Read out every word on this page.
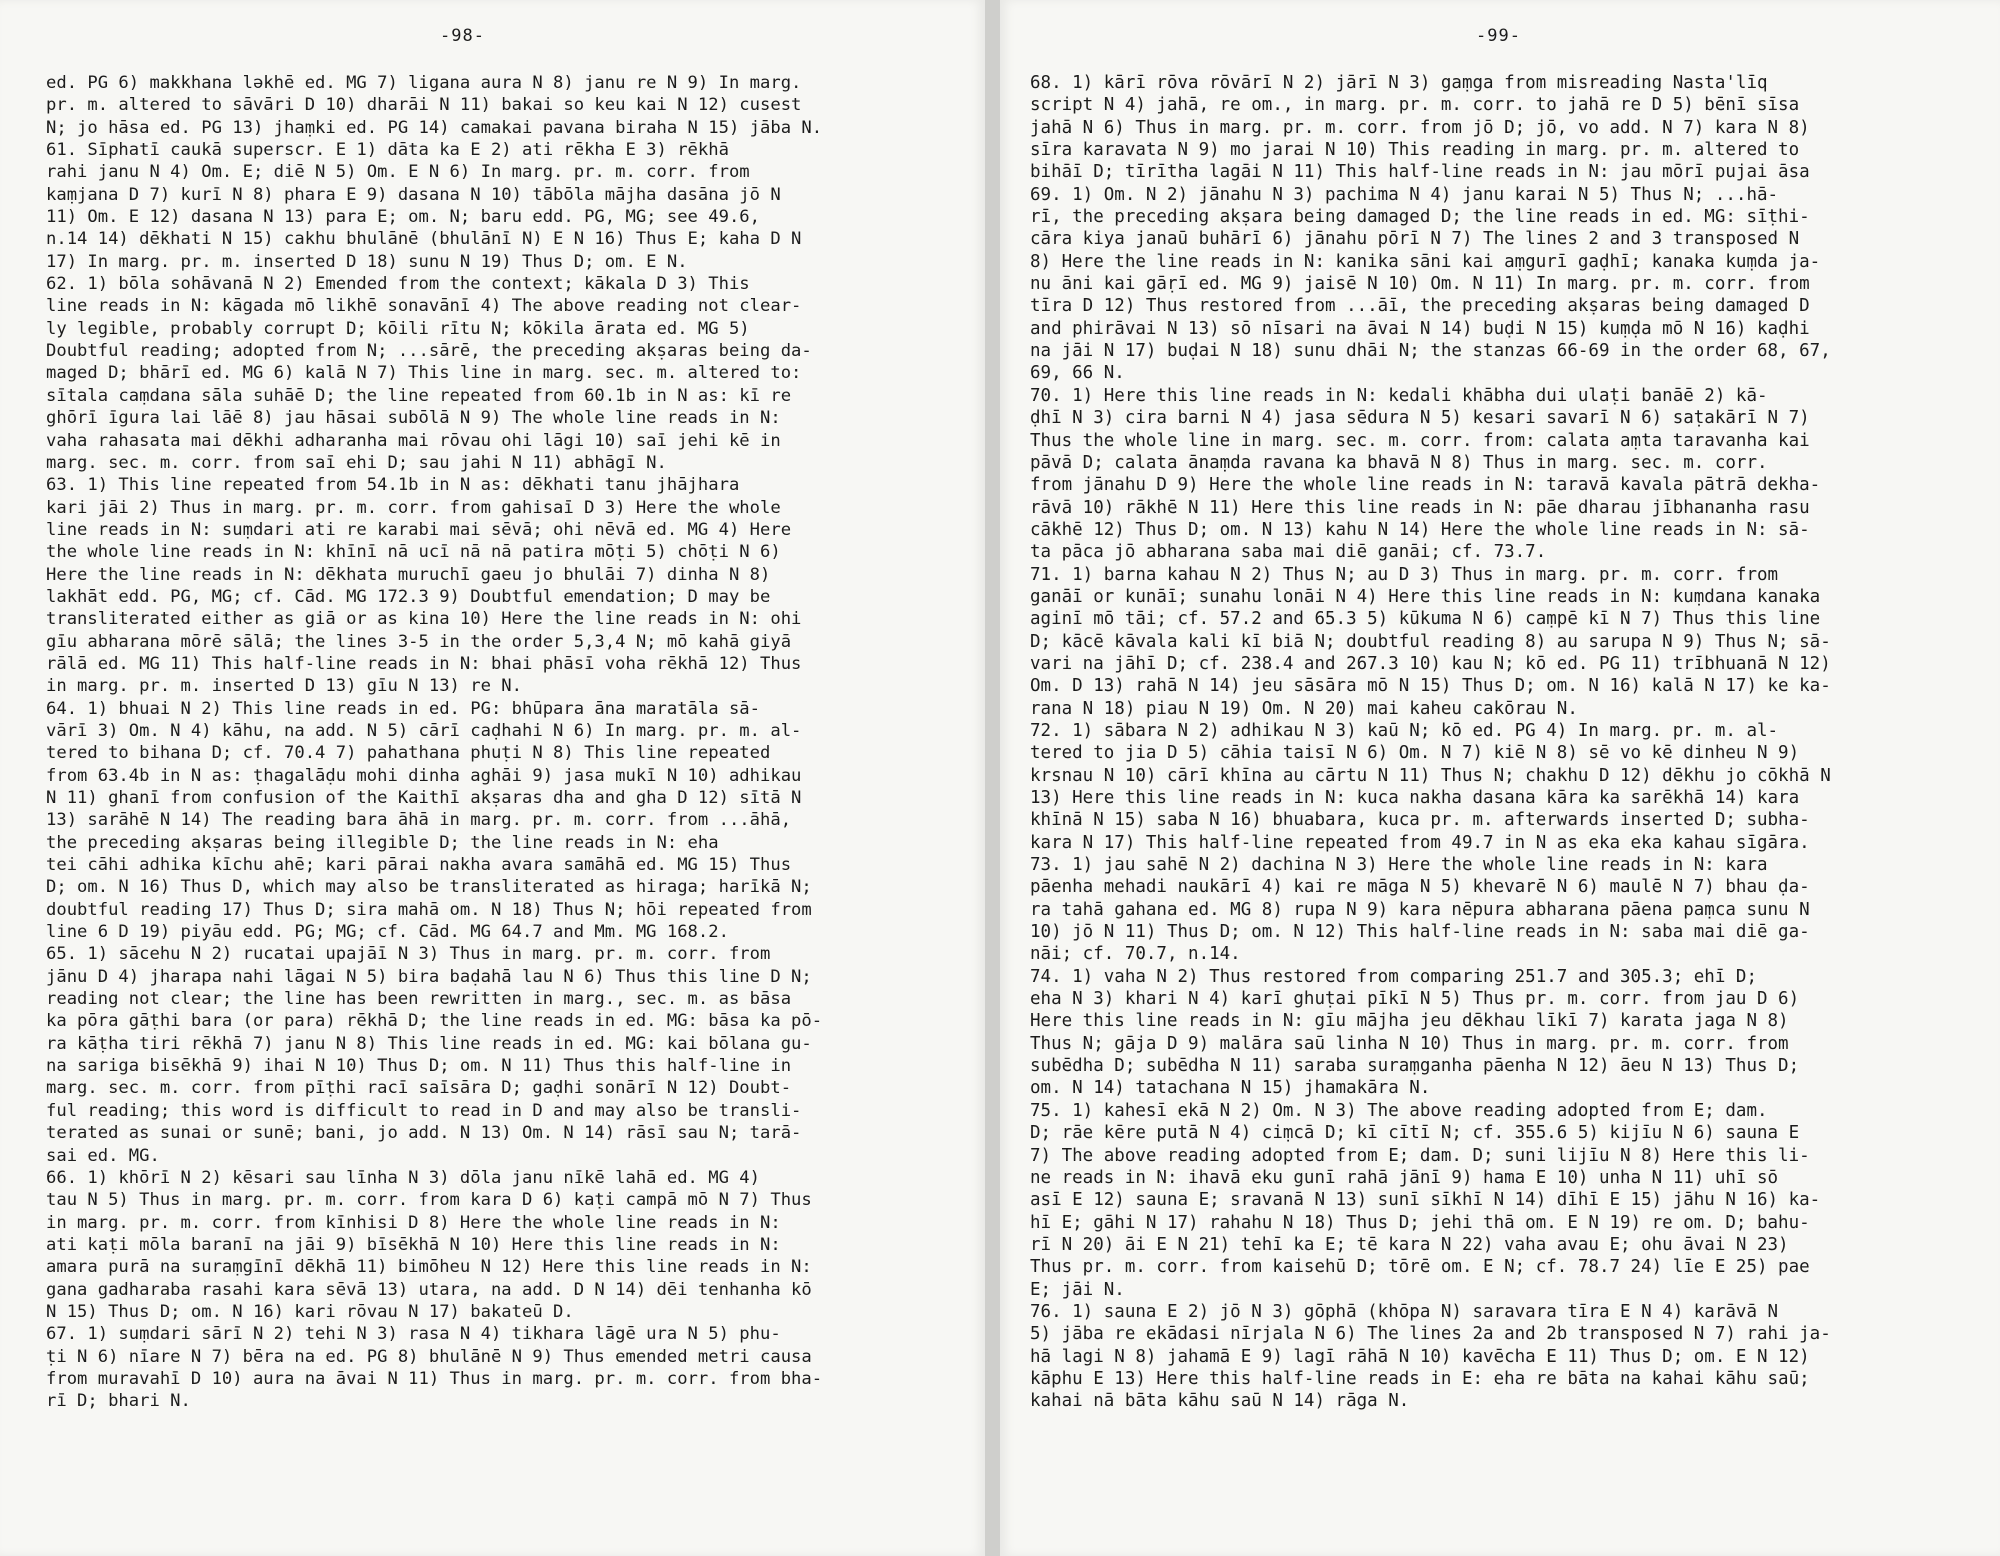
-98-
ed. PG 6) makkhana lǝkhē ed. MG 7) ligana aura N 8) janu re N 9) In marg.
pr. m. altered to sāvāri D 10) dharāi N 11) bakai so keu kai N 12) cusest
N; jo hāsa ed. PG 13) jhaṃki ed. PG 14) camakai pavana biraha N 15) jāba N.
61. Sīphatī caukā superscr. E 1) dāta ka E 2) ati rēkha E 3) rēkhā
rahi janu N 4) Om. E; diē N 5) Om. E N 6) In marg. pr. m. corr. from
kaṃjana D 7) kurī N 8) phara E 9) dasana N 10) tābōla mājha dasāna jō N
11) Om. E 12) dasana N 13) para E; om. N; baru edd. PG, MG; see 49.6,
n.14 14) dēkhati N 15) cakhu bhulānē (bhulānī N) E N 16) Thus E; kaha D N
17) In marg. pr. m. inserted D 18) sunu N 19) Thus D; om. E N.
62. 1) bōla sohāvanā N 2) Emended from the context; kākala D 3) This
line reads in N: kāgada mō likhē sonavānī 4) The above reading not clear-
ly legible, probably corrupt D; kōili rītu N; kōkila ārata ed. MG 5)
Doubtful reading; adopted from N; ...sārē, the preceding akṣaras being da-
maged D; bhārī ed. MG 6) kalā N 7) This line in marg. sec. m. altered to:
sītala caṃdana sāla suhāē D; the line repeated from 60.1b in N as: kī re
ghōrī īgura lai lāē 8) jau hāsai subōlā N 9) The whole line reads in N:
vaha rahasata mai dēkhi adharanha mai rōvau ohi lāgi 10) saī jehi kē in
marg. sec. m. corr. from saī ehi D; sau jahi N 11) abhāgī N.
63. 1) This line repeated from 54.1b in N as: dēkhati tanu jhājhara
kari jāi 2) Thus in marg. pr. m. corr. from gahisaī D 3) Here the whole
line reads in N: suṃdari ati re karabi mai sēvā; ohi nēvā ed. MG 4) Here
the whole line reads in N: khīnī nā ucī nā nā patira mōṭi 5) chōṭi N 6)
Here the line reads in N: dēkhata muruchī gaeu jo bhulāi 7) dinha N 8)
lakhāt edd. PG, MG; cf. Cād. MG 172.3 9) Doubtful emendation; D may be
transliterated either as giā or as kina 10) Here the line reads in N: ohi
gīu abharana mōrē sālā; the lines 3-5 in the order 5,3,4 N; mō kahā giyā
rālā ed. MG 11) This half-line reads in N: bhai phāsī voha rēkhā 12) Thus
in marg. pr. m. inserted D 13) gīu N 13) re N.
64. 1) bhuai N 2) This line reads in ed. PG: bhūpara āna maratāla sā-
vārī 3) Om. N 4) kāhu, na add. N 5) cārī caḍhahi N 6) In marg. pr. m. al-
tered to bihana D; cf. 70.4 7) pahathana phuṭi N 8) This line repeated
from 63.4b in N as: ṭhagalāḍu mohi dinha aghāi 9) jasa mukī N 10) adhikau
N 11) ghanī from confusion of the Kaithī akṣaras dha and gha D 12) sītā N
13) sarāhē N 14) The reading bara āhā in marg. pr. m. corr. from ...āhā,
the preceding akṣaras being illegible D; the line reads in N: eha
tei cāhi adhika kīchu ahē; kari pārai nakha avara samāhā ed. MG 15) Thus
D; om. N 16) Thus D, which may also be transliterated as hiraga; harīkā N;
doubtful reading 17) Thus D; sira mahā om. N 18) Thus N; hōi repeated from
line 6 D 19) piyāu edd. PG; MG; cf. Cād. MG 64.7 and Mm. MG 168.2.
65. 1) sācehu N 2) rucatai upajāī N 3) Thus in marg. pr. m. corr. from
jānu D 4) jharapa nahi lāgai N 5) bira baḍahā lau N 6) Thus this line D N;
reading not clear; the line has been rewritten in marg., sec. m. as bāsa
ka pōra gāṭhi bara (or para) rēkhā D; the line reads in ed. MG: bāsa ka pō-
ra kāṭha tiri rēkhā 7) janu N 8) This line reads in ed. MG: kai bōlana gu-
na sariga bisēkhā 9) ihai N 10) Thus D; om. N 11) Thus this half-line in
marg. sec. m. corr. from pīṭhi racī saīsāra D; gaḍhi sonārī N 12) Doubt-
ful reading; this word is difficult to read in D and may also be transli-
terated as sunai or sunē; bani, jo add. N 13) Om. N 14) rāsī sau N; tarā-
sai ed. MG.
66. 1) khōrī N 2) kēsari sau līnha N 3) dōla janu nīkē lahā ed. MG 4)
tau N 5) Thus in marg. pr. m. corr. from kara D 6) kaṭi campā mō N 7) Thus
in marg. pr. m. corr. from kīnhisi D 8) Here the whole line reads in N:
ati kaṭi mōla baranī na jāi 9) bīsēkhā N 10) Here this line reads in N:
amara purā na suraṃgīnī dēkhā 11) bimōheu N 12) Here this line reads in N:
gana gadharaba rasahi kara sēvā 13) utara, na add. D N 14) dēi tenhanha kō
N 15) Thus D; om. N 16) kari rōvau N 17) bakateū D.
67. 1) suṃdari sārī N 2) tehi N 3) rasa N 4) tikhara lāgē ura N 5) phu-
ṭi N 6) nīare N 7) bēra na ed. PG 8) bhulānē N 9) Thus emended metri causa
from muravahī D 10) aura na āvai N 11) Thus in marg. pr. m. corr. from bha-
rī D; bhari N.
-99-
68. 1) kārī rōva rōvārī N 2) jārī N 3) gaṃga from misreading Nasta'līq
script N 4) jahā, re om., in marg. pr. m. corr. to jahā re D 5) bēnī sīsa
jahā N 6) Thus in marg. pr. m. corr. from jō D; jō, vo add. N 7) kara N 8)
sīra karavata N 9) mo jarai N 10) This reading in marg. pr. m. altered to
bihāī D; tīrītha lagāi N 11) This half-line reads in N: jau mōrī pujai āsa
69. 1) Om. N 2) jānahu N 3) pachima N 4) janu karai N 5) Thus N; ...hā-
rī, the preceding akṣara being damaged D; the line reads in ed. MG: sīṭhi-
cāra kiya janaū buhārī 6) jānahu pōrī N 7) The lines 2 and 3 transposed N
8) Here the line reads in N: kanika sāni kai aṃgurī gaḍhī; kanaka kuṃda ja-
nu āni kai gāṛī ed. MG 9) jaisē N 10) Om. N 11) In marg. pr. m. corr. from
tīra D 12) Thus restored from ...āī, the preceding akṣaras being damaged D
and phirāvai N 13) sō nīsari na āvai N 14) buḍi N 15) kuṃḍa mō N 16) kaḍhi
na jāi N 17) buḍai N 18) sunu dhāi N; the stanzas 66-69 in the order 68, 67,
69, 66 N.
70. 1) Here this line reads in N: kedali khābha dui ulaṭi banāē 2) kā-
ḍhī N 3) cira barni N 4) jasa sēdura N 5) kesari savarī N 6) saṭakārī N 7)
Thus the whole line in marg. sec. m. corr. from: calata aṃta taravanha kai
pāvā D; calata ānaṃda ravana ka bhavā N 8) Thus in marg. sec. m. corr.
from jānahu D 9) Here the whole line reads in N: taravā kavala pātrā dekha-
rāvā 10) rākhē N 11) Here this line reads in N: pāe dharau jībhananha rasu
cākhē 12) Thus D; om. N 13) kahu N 14) Here the whole line reads in N: sā-
ta pāca jō abharana saba mai diē ganāi; cf. 73.7.
71. 1) barna kahau N 2) Thus N; au D 3) Thus in marg. pr. m. corr. from
ganāī or kunāī; sunahu lonāi N 4) Here this line reads in N: kuṃdana kanaka
aginī mō tāi; cf. 57.2 and 65.3 5) kūkuma N 6) caṃpē kī N 7) Thus this line
D; kācē kāvala kali kī biā N; doubtful reading 8) au sarupa N 9) Thus N; sā-
vari na jāhī D; cf. 238.4 and 267.3 10) kau N; kō ed. PG 11) trībhuanā N 12)
Om. D 13) rahā N 14) jeu sāsāra mō N 15) Thus D; om. N 16) kalā N 17) ke ka-
rana N 18) piau N 19) Om. N 20) mai kaheu cakōrau N.
72. 1) sābara N 2) adhikau N 3) kaū N; kō ed. PG 4) In marg. pr. m. al-
tered to jia D 5) cāhia taisī N 6) Om. N 7) kiē N 8) sē vo kē dinheu N 9)
krsnau N 10) cārī khīna au cārtu N 11) Thus N; chakhu D 12) dēkhu jo cōkhā N
13) Here this line reads in N: kuca nakha dasana kāra ka sarēkhā 14) kara
khīnā N 15) saba N 16) bhuabara, kuca pr. m. afterwards inserted D; subha-
kara N 17) This half-line repeated from 49.7 in N as eka eka kahau sīgāra.
73. 1) jau sahē N 2) dachina N 3) Here the whole line reads in N: kara
pāenha mehadi naukārī 4) kai re māga N 5) khevarē N 6) maulē N 7) bhau ḍa-
ra tahā gahana ed. MG 8) rupa N 9) kara nēpura abharana pāena paṃca sunu N
10) jō N 11) Thus D; om. N 12) This half-line reads in N: saba mai diē ga-
nāi; cf. 70.7, n.14.
74. 1) vaha N 2) Thus restored from comparing 251.7 and 305.3; ehī D;
eha N 3) khari N 4) karī ghuṭai pīkī N 5) Thus pr. m. corr. from jau D 6)
Here this line reads in N: gīu mājha jeu dēkhau līkī 7) karata jaga N 8)
Thus N; gāja D 9) malāra saū linha N 10) Thus in marg. pr. m. corr. from
subēdha D; subēdha N 11) saraba suraṃganha pāenha N 12) āeu N 13) Thus D;
om. N 14) tatachana N 15) jhamakāra N.
75. 1) kahesī ekā N 2) Om. N 3) The above reading adopted from E; dam.
D; rāe kēre putā N 4) ciṃcā D; kī cītī N; cf. 355.6 5) kijīu N 6) sauna E
7) The above reading adopted from E; dam. D; suni lijīu N 8) Here this li-
ne reads in N: ihavā eku gunī rahā jānī 9) hama E 10) unha N 11) uhī sō
asī E 12) sauna E; sravanā N 13) sunī sīkhī N 14) dīhī E 15) jāhu N 16) ka-
hī E; gāhi N 17) rahahu N 18) Thus D; jehi thā om. E N 19) re om. D; bahu-
rī N 20) āi E N 21) tehī ka E; tē kara N 22) vaha avau E; ohu āvai N 23)
Thus pr. m. corr. from kaisehū D; tōrē om. E N; cf. 78.7 24) līe E 25) pae
E; jāi N.
76. 1) sauna E 2) jō N 3) gōphā (khōpa N) saravara tīra E N 4) karāvā N
5) jāba re ekādasi nīrjala N 6) The lines 2a and 2b transposed N 7) rahi ja-
hā lagi N 8) jahamā E 9) lagī rāhā N 10) kavēcha E 11) Thus D; om. E N 12)
kāphu E 13) Here this half-line reads in E: eha re bāta na kahai kāhu saū;
kahai nā bāta kāhu saū N 14) rāga N.
